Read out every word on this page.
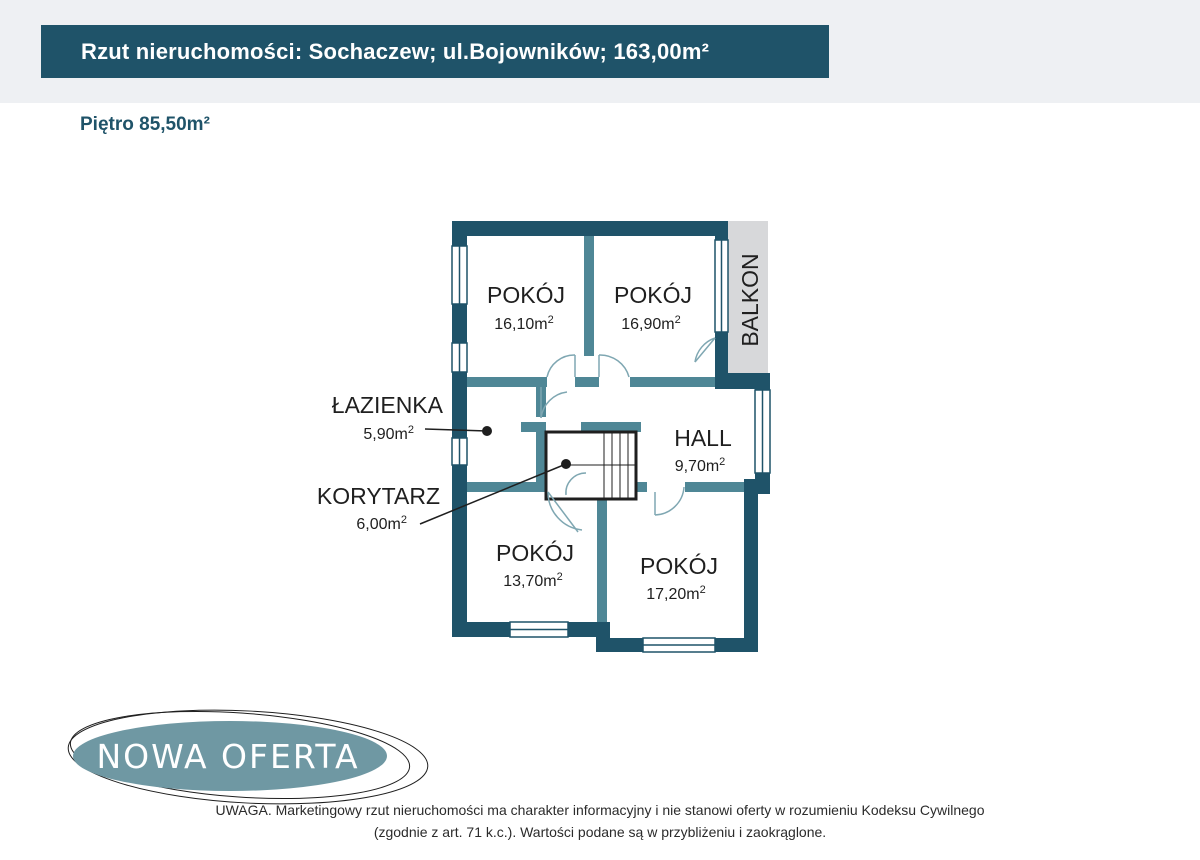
Rzut nieruchomości: Sochaczew; ul.Bojowników; 163,00m²
Piętro 85,50m²
POKÓJ
$16,10m^2$
POKÓJ
$16,90m^2$ BALKON
ŁAZIENKA
$5,90m^2$	HALL
$9,70m^2$
KORYTARZ
$6,00m^2$
POKÓJ
$13,70m^2$	POKÓJ
$17,20m^2$
NOWA OFERTA
UWAGA. Marketingowy rzut nieruchomości ma charakter informacyjny i nie stanowi oferty w rozumieniu Kodeksu Cywilnego
(zgodnie z art. 71 k.c.). Wartości podane są w przybliżeniu i zaokrąglone.
